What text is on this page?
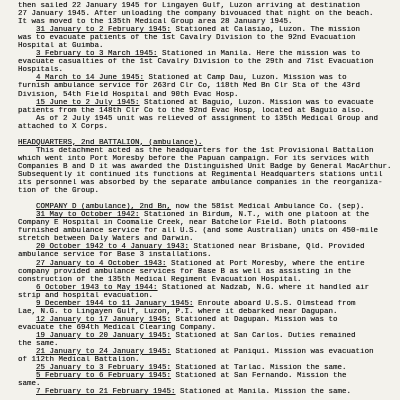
then sailed 22 January 1945 for Lingayen Gulf, Luzon arriving at destination
27 January 1945. After unloading the company bivouaced that night on the beach.
It was moved to the 135th Medical Group area 28 January 1945.
31 January to 2 February 1945: Stationed at Calasiao, Luzon. The mission
was to evacuate patients of the 1st Cavalry Division to the 92nd Evacuation
Hospital at Guimba.
3 February to 3 March 1945: Stationed in Manila. Here the mission was to
evacuate casualties of the 1st Cavalry Division to the 29th and 71st Evacuation
Hospitals.
4 March to 14 June 1945: Stationed at Camp Dau, Luzon. Mission was to
furnish ambulance service for 263rd Clr Co, 118th Med Bn Clr Sta of the 43rd
Division, 54th Field Hospital and 90th Evac Hosp.
15 June to 2 July 1945: Stationed at Baguio, Luzon. Mission was to evacuate
patients from the 148th Clr Co to the 92nd Evac Hosp, located at Baguio also.
As of 2 July 1945 unit was relieved of assignment to 135th Medical Group and
attached to X Corps.
HEADQUARTERS, 2nd BATTALION, (ambulance).
This detachment acted as the headquarters for the 1st Provisional Battalion
which went into Port Moresby before the Papuan campaign. For its services with
Companies B and D it was awarded the Distinguished Unit Badge by General MacArthur.
Subsequently it continued its functions at Regimental Headquarters stations until
its personnel was absorbed by the separate ambulance companies in the reorganiza-
tion of the Group.
COMPANY D (ambulance), 2nd Bn, now the 581st Medical Ambulance Co. (sep).
31 May to October 1942: Stationed in Birdum, N.T., with one platoon at the
Company E Hospital in Coomalie Creek, near Batchelor Field. Both platoons
furnished ambulance service for all U.S. (and some Australian) units on 450-mile
stretch between Daly Waters and Darwin.
20 October 1942 to 4 January 1943: Stationed near Brisbane, Qld. Provided
ambulance service for Base 3 installations.
27 January to 4 October 1943: Stationed at Port Moresby, where the entire
company provided ambulance services for Base B as well as assisting in the
construction of the 135th Medical Regiment Evacuation Hospital.
6 October 1943 to May 1944: Stationed at Nadzab, N.G. where it handled air
strip and hospital evacuation.
9 December 1944 to 11 January 1945: Enroute aboard U.S.S. Olmstead from
Lae, N.G. to Lingayen Gulf, Luzon, P.I. where it debarked near Dagupan.
12 January to 17 January 1945: Stationed at Dagupan. Mission was to
evacuate the 694th Medical Clearing Company.
19 January to 20 January 1945: Stationed at San Carlos. Duties remained
the same.
21 January to 24 January 1945: Stationed at Paniqui. Mission was evacuation
of 112th Medical Battalion.
25 January to 3 February 1945: Stationed at Tarlac. Mission the same.
5 February to 6 February 1945: Stationed at San Fernando. Mission the
same.
7 February to 21 February 1945: Stationed at Manila. Mission the same.
